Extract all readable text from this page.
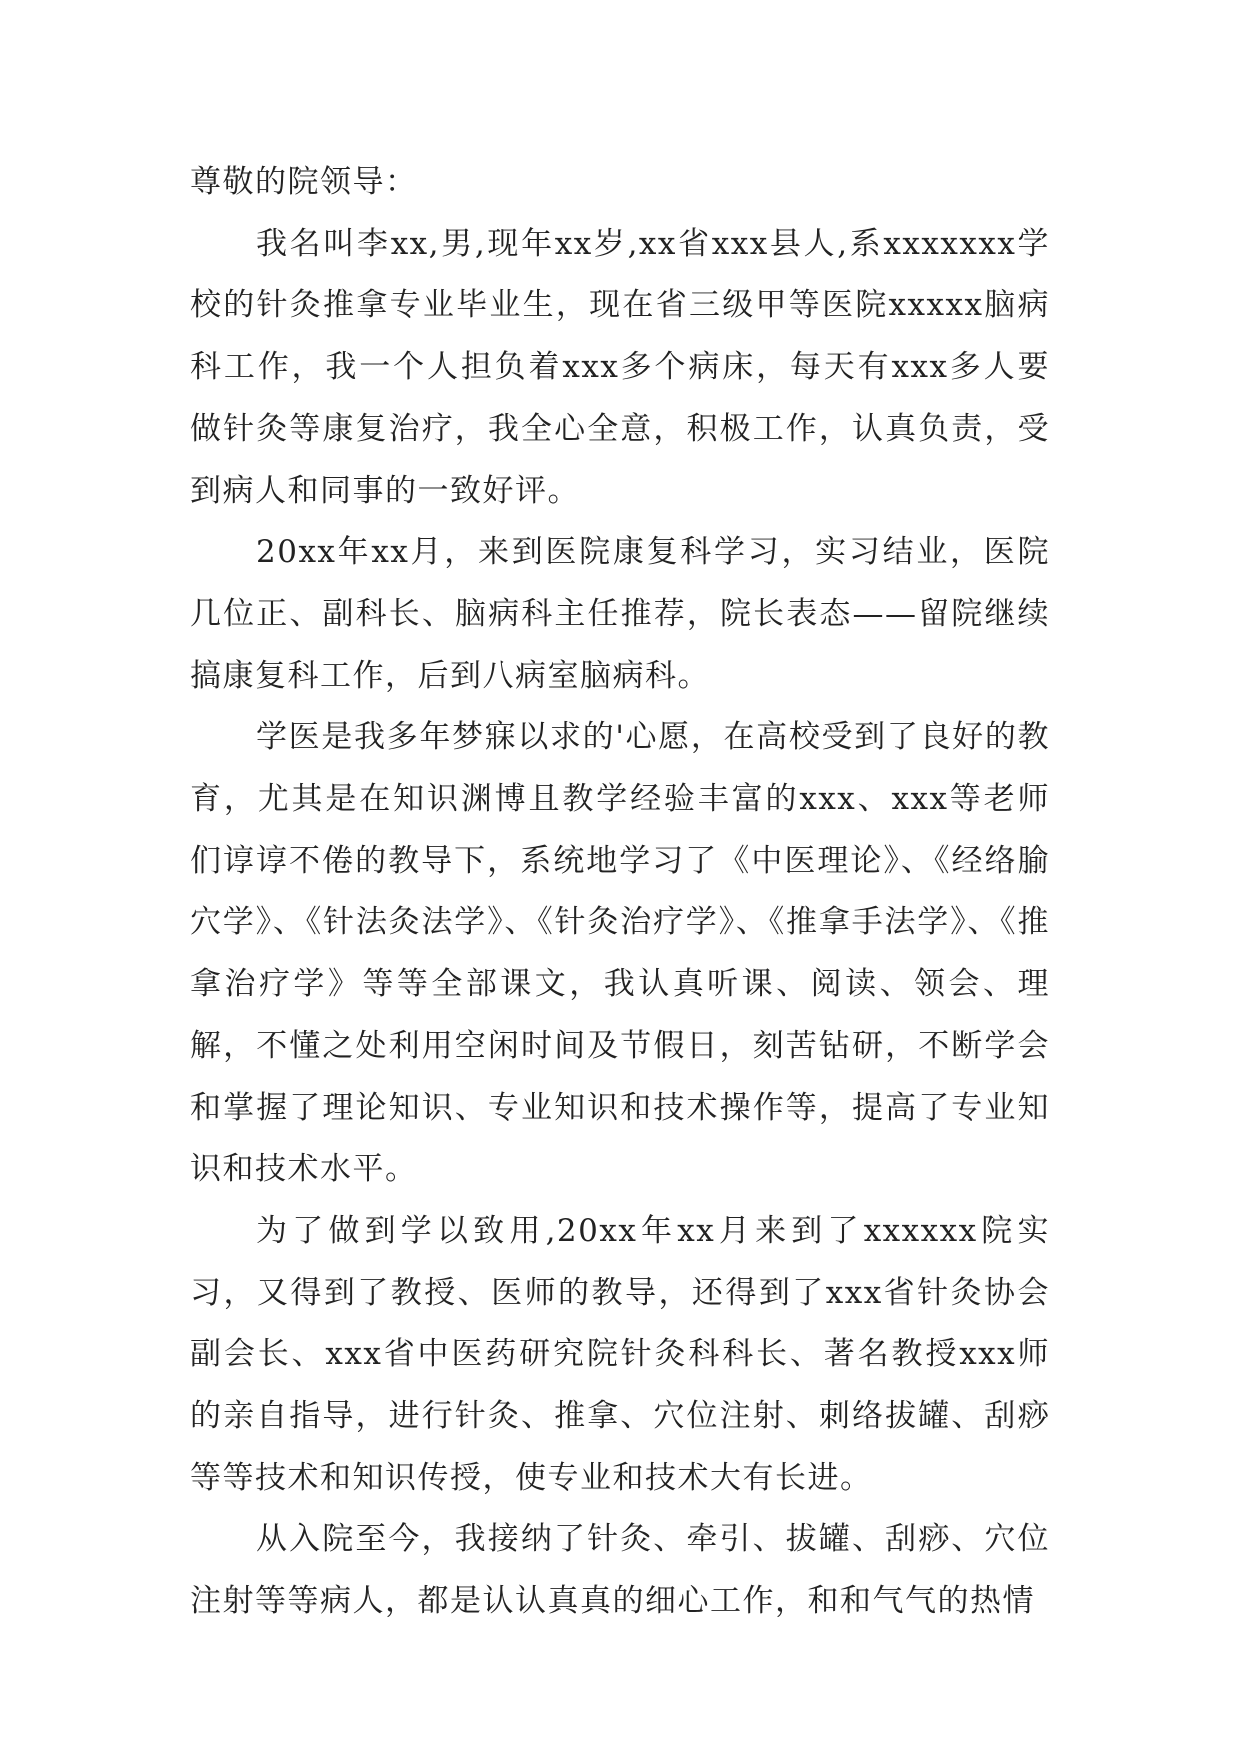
尊敬的院领导：

我名叫李xx,男,现年xx岁,xx省xxx县人,系xxxxxxx学校的针灸推拿专业毕业生，现在省三级甲等医院xxxxx脑病科工作，我一个人担负着xxx多个病床，每天有xxx多人要做针灸等康复治疗，我全心全意，积极工作，认真负责，受到病人和同事的一致好评。

20xx年xx月，来到医院康复科学习，实习结业，医院几位正、副科长、脑病科主任推荐，院长表态——留院继续搞康复科工作，后到八病室脑病科。

学医是我多年梦寐以求的'心愿，在高校受到了良好的教育，尤其是在知识渊博且教学经验丰富的xxx、xxx等老师们谆谆不倦的教导下，系统地学习了《中医理论》、《经络腧穴学》、《针法灸法学》、《针灸治疗学》、《推拿手法学》、《推拿治疗学》等等全部课文，我认真听课、阅读、领会、理解，不懂之处利用空闲时间及节假日，刻苦钻研，不断学会和掌握了理论知识、专业知识和技术操作等，提高了专业知识和技术水平。

为了做到学以致用,20xx年xx月来到了xxxxxx院实习，又得到了教授、医师的教导，还得到了xxx省针灸协会副会长、xxx省中医药研究院针灸科科长、著名教授xxx师的亲自指导，进行针灸、推拿、穴位注射、刺络拔罐、刮痧等等技术和知识传授，使专业和技术大有长进。

从入院至今，我接纳了针灸、牵引、拔罐、刮痧、穴位注射等等病人，都是认认真真的细心工作，和和气气的热情
